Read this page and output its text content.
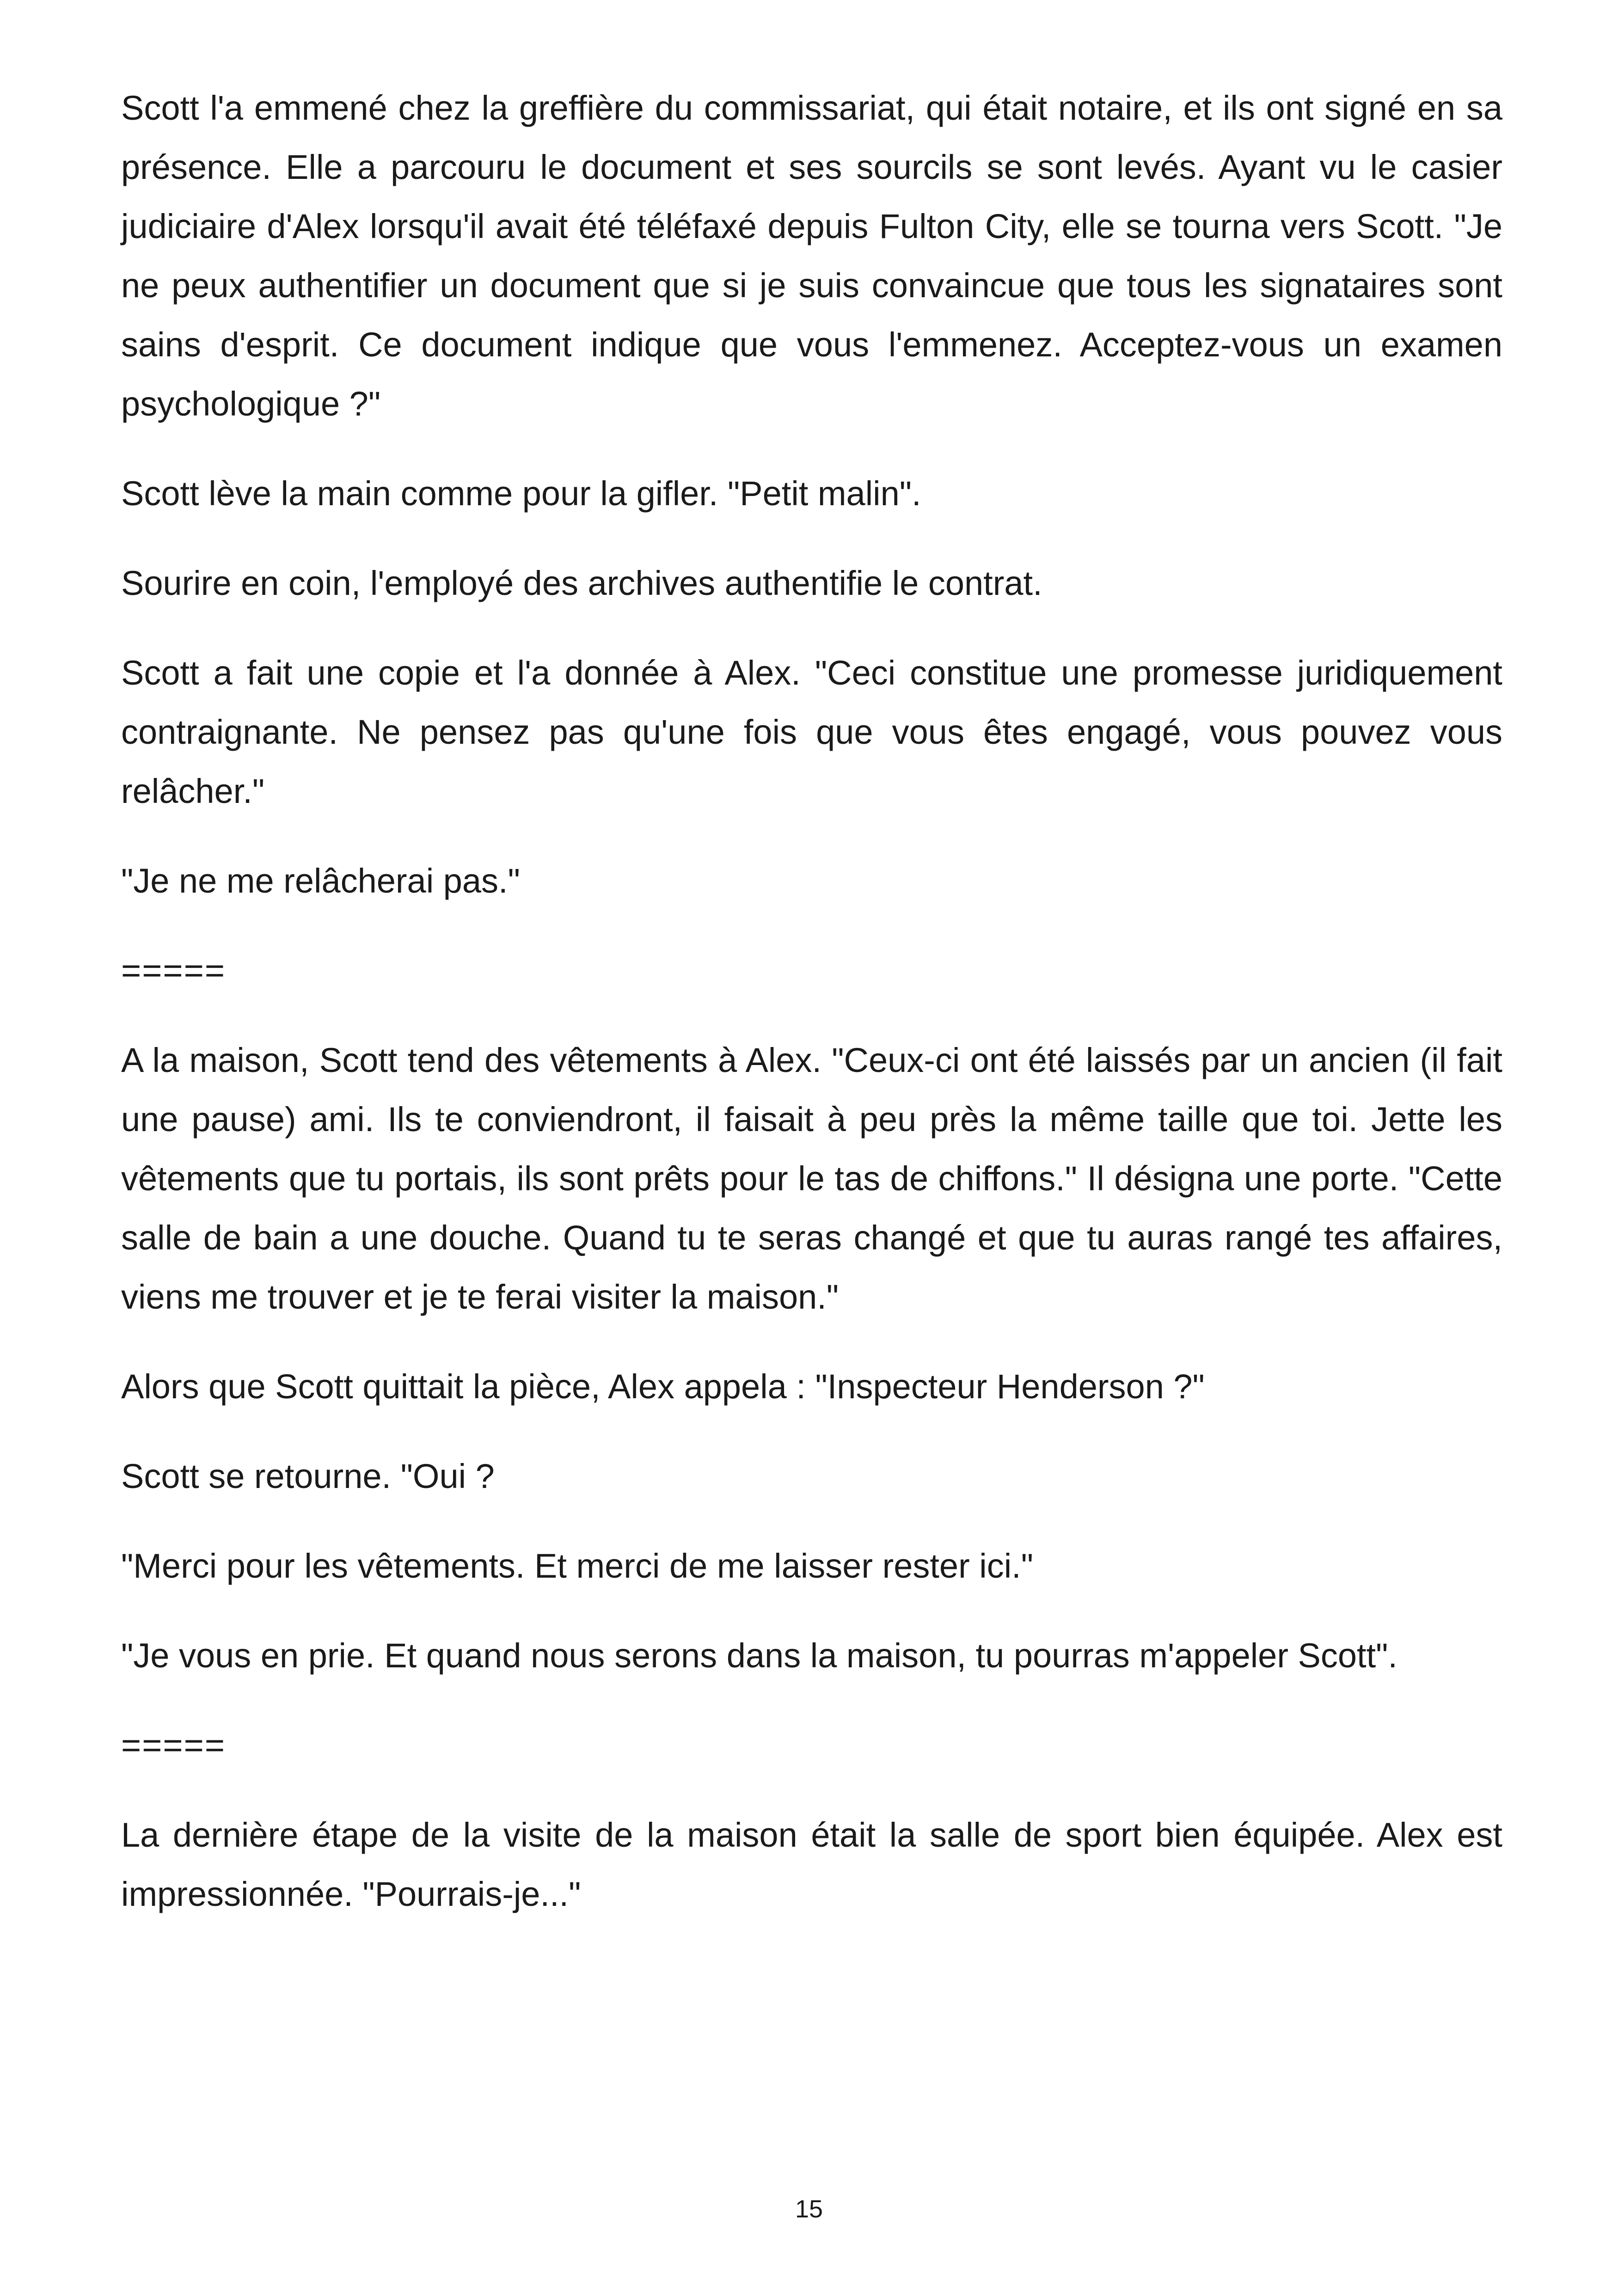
Scott l'a emmené chez la greffière du commissariat, qui était notaire, et ils ont signé en sa présence. Elle a parcouru le document et ses sourcils se sont levés. Ayant vu le casier judiciaire d'Alex lorsqu'il avait été téléfaxé depuis Fulton City, elle se tourna vers Scott. "Je ne peux authentifier un document que si je suis convaincue que tous les signataires sont sains d'esprit. Ce document indique que vous l'emmenez. Acceptez-vous un examen psychologique ?"

Scott lève la main comme pour la gifler. "Petit malin".

Sourire en coin, l'employé des archives authentifie le contrat.

Scott a fait une copie et l'a donnée à Alex. "Ceci constitue une promesse juridiquement contraignante. Ne pensez pas qu'une fois que vous êtes engagé, vous pouvez vous relâcher."

"Je ne me relâcherai pas."

=====

A la maison, Scott tend des vêtements à Alex. "Ceux-ci ont été laissés par un ancien (il fait une pause) ami. Ils te conviendront, il faisait à peu près la même taille que toi. Jette les vêtements que tu portais, ils sont prêts pour le tas de chiffons." Il désigna une porte. "Cette salle de bain a une douche. Quand tu te seras changé et que tu auras rangé tes affaires, viens me trouver et je te ferai visiter la maison."

Alors que Scott quittait la pièce, Alex appela : "Inspecteur Henderson ?"

Scott se retourne. "Oui ?

"Merci pour les vêtements. Et merci de me laisser rester ici."

"Je vous en prie. Et quand nous serons dans la maison, tu pourras m'appeler Scott".

=====

La dernière étape de la visite de la maison était la salle de sport bien équipée. Alex est impressionnée. "Pourrais-je..."

15
